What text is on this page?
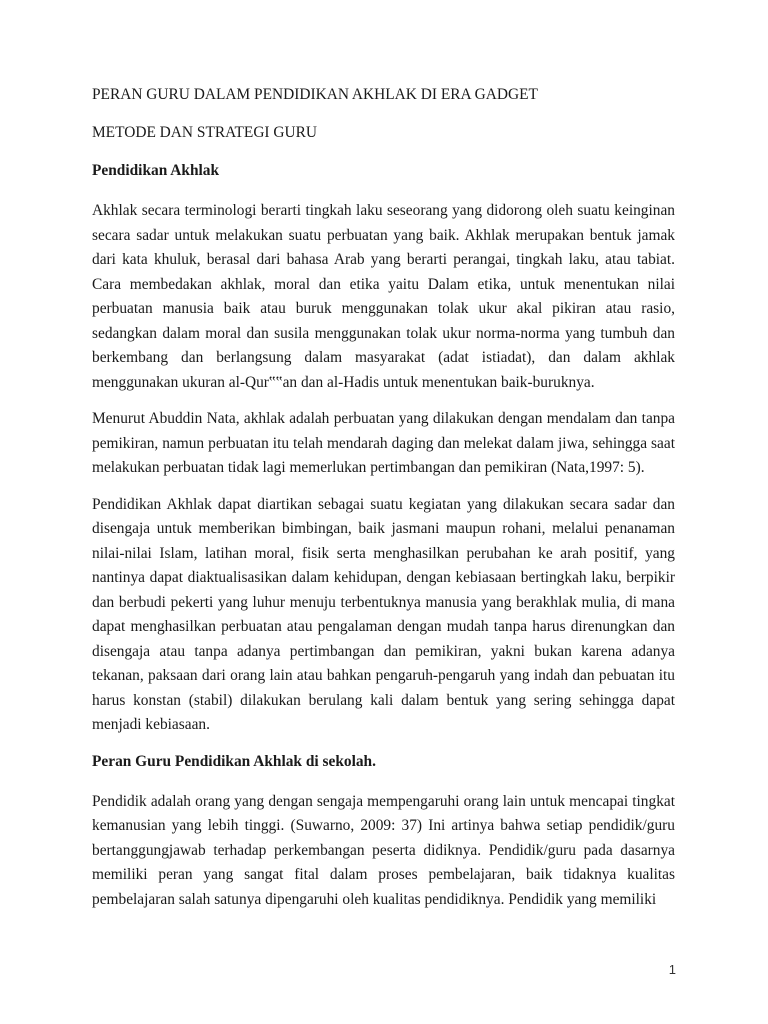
PERAN GURU DALAM PENDIDIKAN AKHLAK DI ERA GADGET
METODE DAN STRATEGI GURU
Pendidikan Akhlak

Akhlak secara terminologi berarti tingkah laku seseorang yang didorong oleh suatu keinginan secara sadar untuk melakukan suatu perbuatan yang baik. Akhlak merupakan bentuk jamak dari kata khuluk, berasal dari bahasa Arab yang berarti perangai, tingkah laku, atau tabiat. Cara membedakan akhlak, moral dan etika yaitu Dalam etika, untuk menentukan nilai perbuatan manusia baik atau buruk menggunakan tolak ukur akal pikiran atau rasio, sedangkan dalam moral dan susila menggunakan tolak ukur norma-norma yang tumbuh dan berkembang dan berlangsung dalam masyarakat (adat istiadat), dan dalam akhlak menggunakan ukuran al-Qur‟‟an dan al-Hadis untuk menentukan baik-buruknya.

Menurut Abuddin Nata, akhlak adalah perbuatan yang dilakukan dengan mendalam dan tanpa pemikiran, namun perbuatan itu telah mendarah daging dan melekat dalam jiwa, sehingga saat melakukan perbuatan tidak lagi memerlukan pertimbangan dan pemikiran (Nata,1997: 5).

Pendidikan Akhlak dapat diartikan sebagai suatu kegiatan yang dilakukan secara sadar dan disengaja untuk memberikan bimbingan, baik jasmani maupun rohani, melalui penanaman nilai-nilai Islam, latihan moral, fisik serta menghasilkan perubahan ke arah positif, yang nantinya dapat diaktualisasikan dalam kehidupan, dengan kebiasaan bertingkah laku, berpikir dan berbudi pekerti yang luhur menuju terbentuknya manusia yang berakhlak mulia, di mana dapat menghasilkan perbuatan atau pengalaman dengan mudah tanpa harus direnungkan dan disengaja atau tanpa adanya pertimbangan dan pemikiran, yakni bukan karena adanya tekanan, paksaan dari orang lain atau bahkan pengaruh-pengaruh yang indah dan pebuatan itu harus konstan (stabil) dilakukan berulang kali dalam bentuk yang sering sehingga dapat menjadi kebiasaan.

Peran Guru Pendidikan Akhlak di sekolah.

Pendidik adalah orang yang dengan sengaja mempengaruhi orang lain untuk mencapai tingkat kemanusian yang lebih tinggi. (Suwarno, 2009: 37) Ini artinya bahwa setiap pendidik/guru bertanggungjawab terhadap perkembangan peserta didiknya. Pendidik/guru pada dasarnya memiliki peran yang sangat fital dalam proses pembelajaran, baik tidaknya kualitas pembelajaran salah satunya dipengaruhi oleh kualitas pendidiknya. Pendidik yang memiliki

1
